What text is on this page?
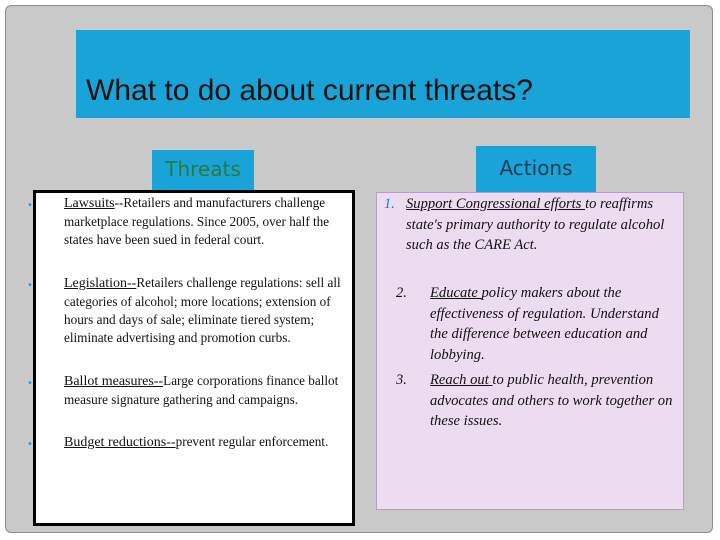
What to do about current threats?
Threats	Actions
• Lawsuits--Retailers and manufacturers challenge marketplace regulations. Since 2005, over half the states have been sued in federal court.
• Legislation--Retailers challenge regulations: sell all categories of alcohol; more locations; extension of hours and days of sale; eliminate tiered system; eliminate advertising and promotion curbs.
• Ballot measures--Large corporations finance ballot measure signature gathering and campaigns.
• Budget reductions--prevent regular enforcement.
1. Support Congressional efforts to reaffirms state's primary authority to regulate alcohol such as the CARE Act.
2.	Educate policy makers about the effectiveness of regulation. Understand the difference between education and lobbying.
3.	Reach out to public health, prevention advocates and others to work together on these issues.
